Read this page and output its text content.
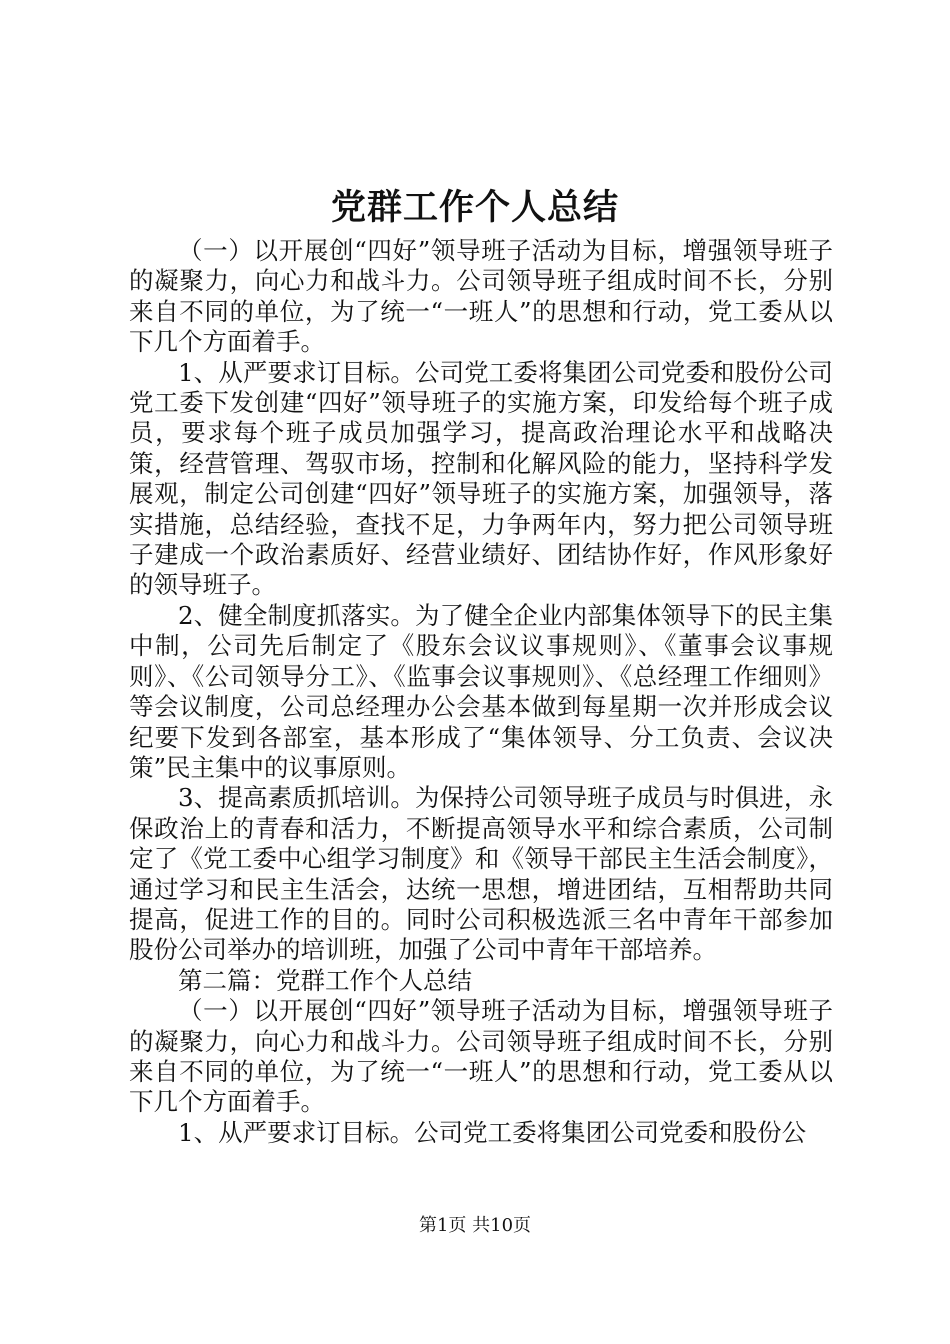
党群工作个人总结

（一）以开展创“四好”领导班子活动为目标，增强领导班子的凝聚力，向心力和战斗力。公司领导班子组成时间不长，分别来自不同的单位，为了统一“一班人”的思想和行动，党工委从以下几个方面着手。

1、从严要求订目标。公司党工委将集团公司党委和股份公司党工委下发创建“四好”领导班子的实施方案，印发给每个班子成员，要求每个班子成员加强学习，提高政治理论水平和战略决策，经营管理、驾驭市场，控制和化解风险的能力，坚持科学发展观，制定公司创建“四好”领导班子的实施方案，加强领导，落实措施，总结经验，查找不足，力争两年内，努力把公司领导班子建成一个政治素质好、经营业绩好、团结协作好，作风形象好的领导班子。

2、健全制度抓落实。为了健全企业内部集体领导下的民主集中制，公司先后制定了《股东会议议事规则》、《董事会议事规则》、《公司领导分工》、《监事会议事规则》、《总经理工作细则》等会议制度，公司总经理办公会基本做到每星期一次并形成会议纪要下发到各部室，基本形成了“集体领导、分工负责、会议决策”民主集中的议事原则。

3、提高素质抓培训。为保持公司领导班子成员与时俱进，永保政治上的青春和活力，不断提高领导水平和综合素质，公司制定了《党工委中心组学习制度》和《领导干部民主生活会制度》，通过学习和民主生活会，达统一思想，增进团结，互相帮助共同提高，促进工作的目的。同时公司积极选派三名中青年干部参加股份公司举办的培训班，加强了公司中青年干部培养。

第二篇：党群工作个人总结

（一）以开展创“四好”领导班子活动为目标，增强领导班子的凝聚力，向心力和战斗力。公司领导班子组成时间不长，分别来自不同的单位，为了统一“一班人”的思想和行动，党工委从以下几个方面着手。

1、从严要求订目标。公司党工委将集团公司党委和股份公

第1页 共10页
